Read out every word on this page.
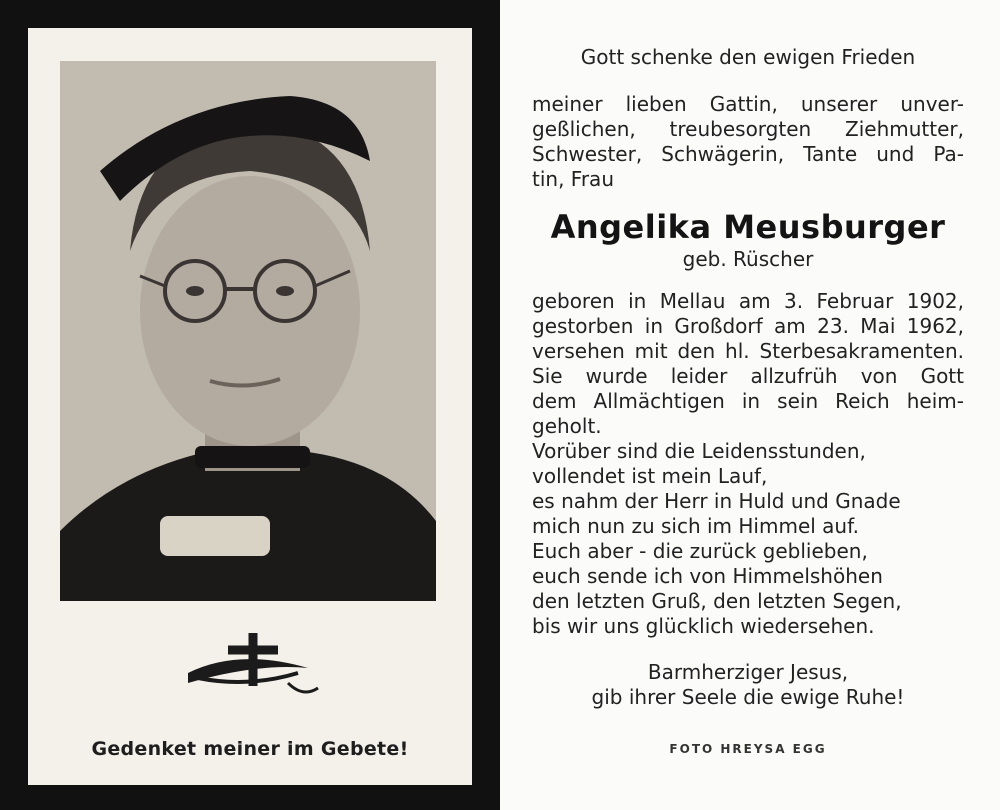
Gedenket meiner im Gebete!
Gott schenke den ewigen Frieden
meiner lieben Gattin, unserer unver-
geßlichen, treubesorgten Ziehmutter,
Schwester, Schwägerin, Tante und Pa-
tin, Frau
Angelika Meusburger
geb. Rüscher
geboren in Mellau am 3. Februar 1902,
gestorben in Großdorf am 23. Mai 1962,
versehen mit den hl. Sterbesakramenten.
Sie wurde leider allzufrüh von Gott
dem Allmächtigen in sein Reich heim-
geholt.
Vorüber sind die Leidensstunden,
vollendet ist mein Lauf,
es nahm der Herr in Huld und Gnade
mich nun zu sich im Himmel auf.
Euch aber - die zurück geblieben,
euch sende ich von Himmelshöhen
den letzten Gruß, den letzten Segen,
bis wir uns glücklich wiedersehen.
Barmherziger Jesus,
gib ihrer Seele die ewige Ruhe!
FOTO HREYSA EGG
